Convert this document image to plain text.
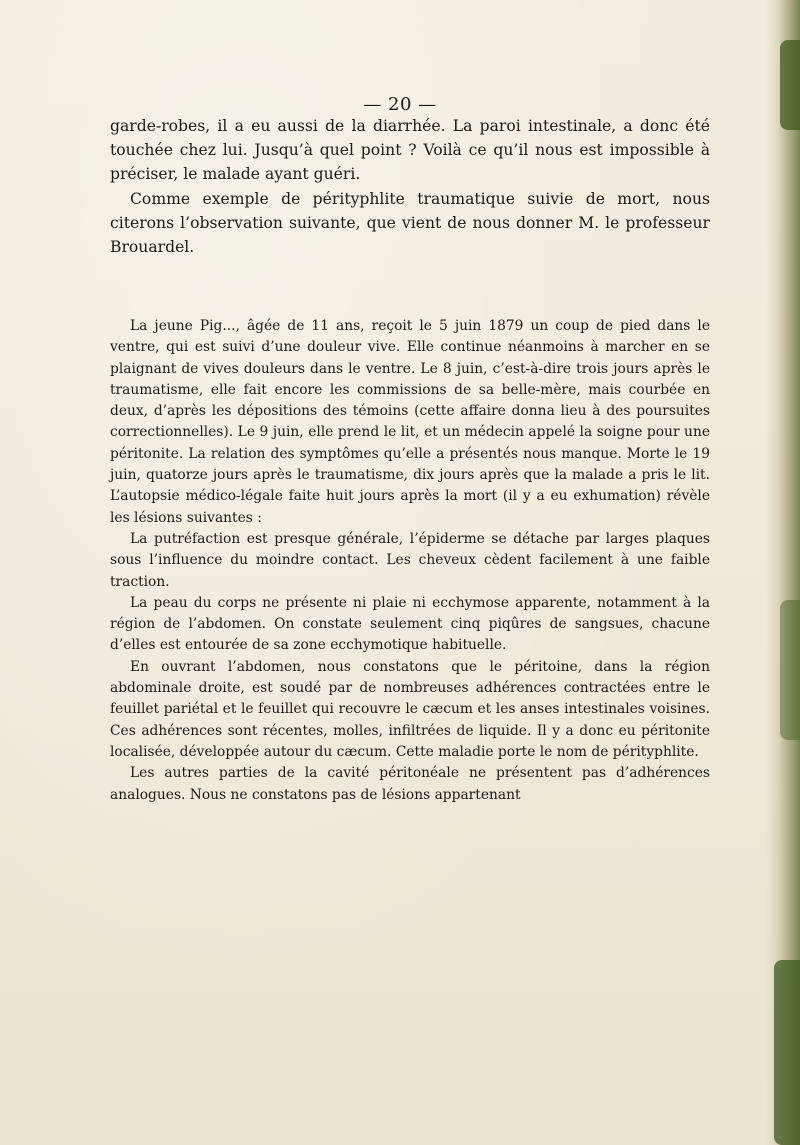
— 20 —

garde-robes, il a eu aussi de la diarrhée. La paroi intestinale, a donc été touchée chez lui. Jusqu’à quel point ? Voilà ce qu’il nous est impossible à préciser, le malade ayant guéri.

Comme exemple de pérityphlite traumatique suivie de mort, nous citerons l’observation suivante, que vient de nous donner M. le professeur Brouardel.

La jeune Pig..., âgée de 11 ans, reçoit le 5 juin 1879 un coup de pied dans le ventre, qui est suivi d’une douleur vive. Elle continue néanmoins à marcher en se plaignant de vives douleurs dans le ventre. Le 8 juin, c’est-à-dire trois jours après le traumatisme, elle fait encore les commissions de sa belle-mère, mais courbée en deux, d’après les dépositions des témoins (cette affaire donna lieu à des poursuites correctionnelles). Le 9 juin, elle prend le lit, et un médecin appelé la soigne pour une péritonite. La relation des symptômes qu’elle a présentés nous manque. Morte le 19 juin, quatorze jours après le traumatisme, dix jours après que la malade a pris le lit. L’autopsie médico-légale faite huit jours après la mort (il y a eu exhumation) révèle les lésions suivantes :

La putréfaction est presque générale, l’épiderme se détache par larges plaques sous l’influence du moindre contact. Les cheveux cèdent facilement à une faible traction.

La peau du corps ne présente ni plaie ni ecchymose apparente, notamment à la région de l’abdomen. On constate seulement cinq piqûres de sangsues, chacune d’elles est entourée de sa zone ecchymotique habituelle.

En ouvrant l’abdomen, nous constatons que le péritoine, dans la région abdominale droite, est soudé par de nombreuses adhérences contractées entre le feuillet pariétal et le feuillet qui recouvre le cæcum et les anses intestinales voisines. Ces adhérences sont récentes, molles, infiltrées de liquide. Il y a donc eu péritonite localisée, développée autour du cæcum. Cette maladie porte le nom de pérityphlite.

Les autres parties de la cavité péritonéale ne présentent pas d’adhérences analogues. Nous ne constatons pas de lésions appartenant
